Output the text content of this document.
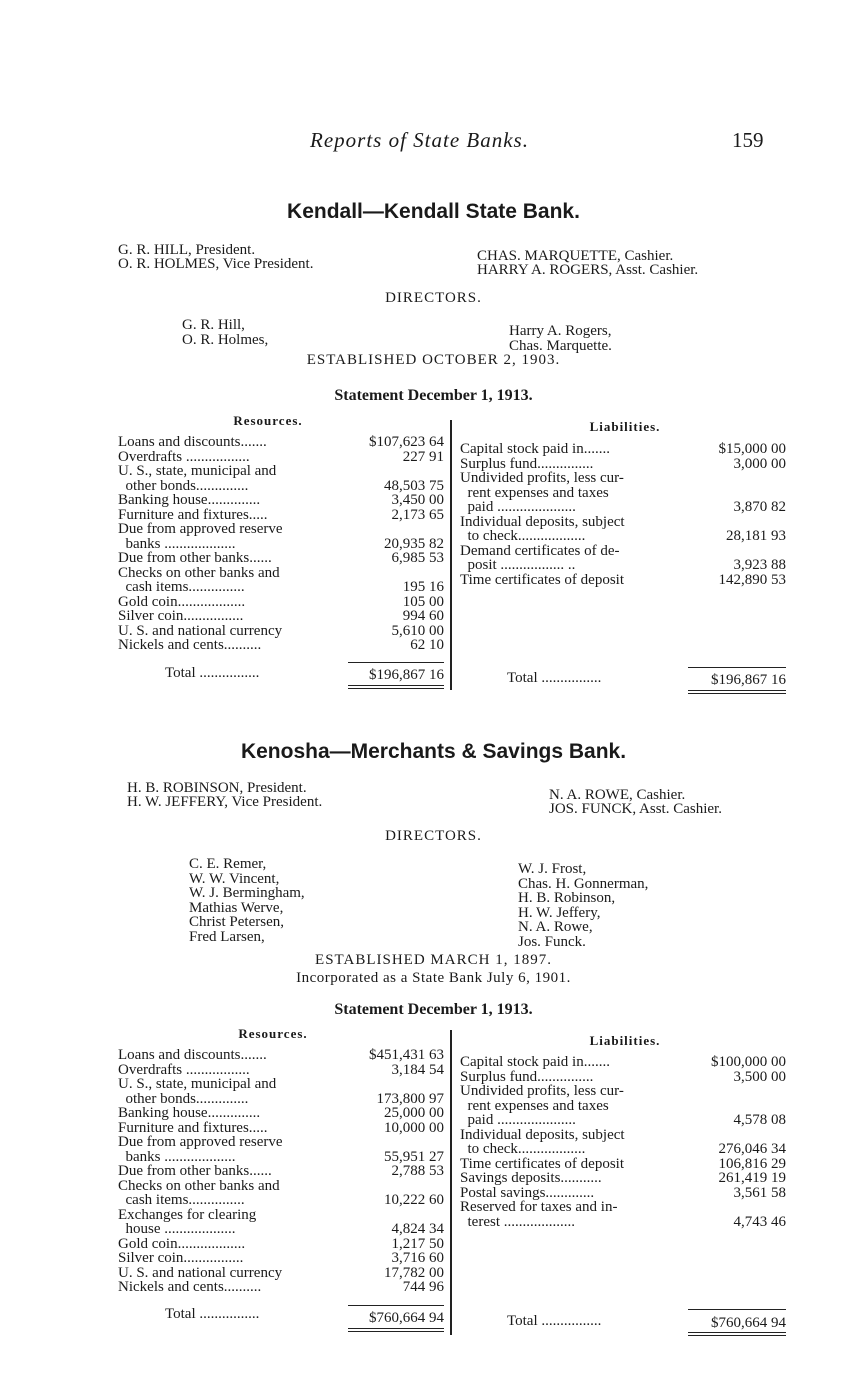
Reports of State Banks.	159
Kendall—Kendall State Bank.
G. R. HILL, President.
O. R. HOLMES, Vice President.	CHAS. MARQUETTE, Cashier.
HARRY A. ROGERS, Asst. Cashier.
DIRECTORS.
G. R. Hill,
O. R. Holmes,
Harry A. Rogers,
Chas. Marquette.
ESTABLISHED OCTOBER 2, 1903.
Statement December 1, 1913.
Resources.	Liabilities.
Loans and discounts.......	$107,623 64
Overdrafts .................	227 91
U. S., state, municipal and
other bonds..............	48,503 75
Banking house..............	3,450 00
Furniture and fixtures.....	2,173 65
Due from approved reserve
banks ...................	20,935 82
Due from other banks......	6,985 53
Checks on other banks and
cash items...............	195 16
Gold coin..................	105 00
Silver coin................	994 60
U. S. and national currency	5,610 00
Nickels and cents..........	62 10
Capital stock paid in.......	$15,000 00
Surplus fund...............	3,000 00
Undivided profits, less cur-
rent expenses and taxes
paid .....................	3,870 82
Individual deposits, subject
to check..................	28,181 93
Demand certificates of de-
posit ................. ..	3,923 88
Time certificates of deposit	142,890 53
Total ................	$196,867 16	Total ................	$196,867 16
Kenosha—Merchants & Savings Bank.
H. B. ROBINSON, President.
H. W. JEFFERY, Vice President.	N. A. ROWE, Cashier.
JOS. FUNCK, Asst. Cashier.
DIRECTORS.
C. E. Remer,
W. W. Vincent,
W. J. Bermingham,
Mathias Werve,
Christ Petersen,
Fred Larsen,
W. J. Frost,
Chas. H. Gonnerman,
H. B. Robinson,
H. W. Jeffery,
N. A. Rowe,
Jos. Funck.
ESTABLISHED MARCH 1, 1897.
Incorporated as a State Bank July 6, 1901.
Statement December 1, 1913.
Resources.	Liabilities.
Loans and discounts.......	$451,431 63
Overdrafts .................	3,184 54
U. S., state, municipal and
other bonds..............	173,800 97
Banking house..............	25,000 00
Furniture and fixtures.....	10,000 00
Due from approved reserve
banks ...................	55,951 27
Due from other banks......	2,788 53
Checks on other banks and
cash items...............	10,222 60
Exchanges for clearing
house ...................	4,824 34
Gold coin..................	1,217 50
Silver coin................	3,716 60
U. S. and national currency	17,782 00
Nickels and cents..........	744 96
Capital stock paid in.......	$100,000 00
Surplus fund...............	3,500 00
Undivided profits, less cur-
rent expenses and taxes
paid .....................	4,578 08
Individual deposits, subject
to check..................	276,046 34
Time certificates of deposit	106,816 29
Savings deposits...........	261,419 19
Postal savings.............	3,561 58
Reserved for taxes and in-
terest ...................	4,743 46
Total ................	$760,664 94	Total ................	$760,664 94
